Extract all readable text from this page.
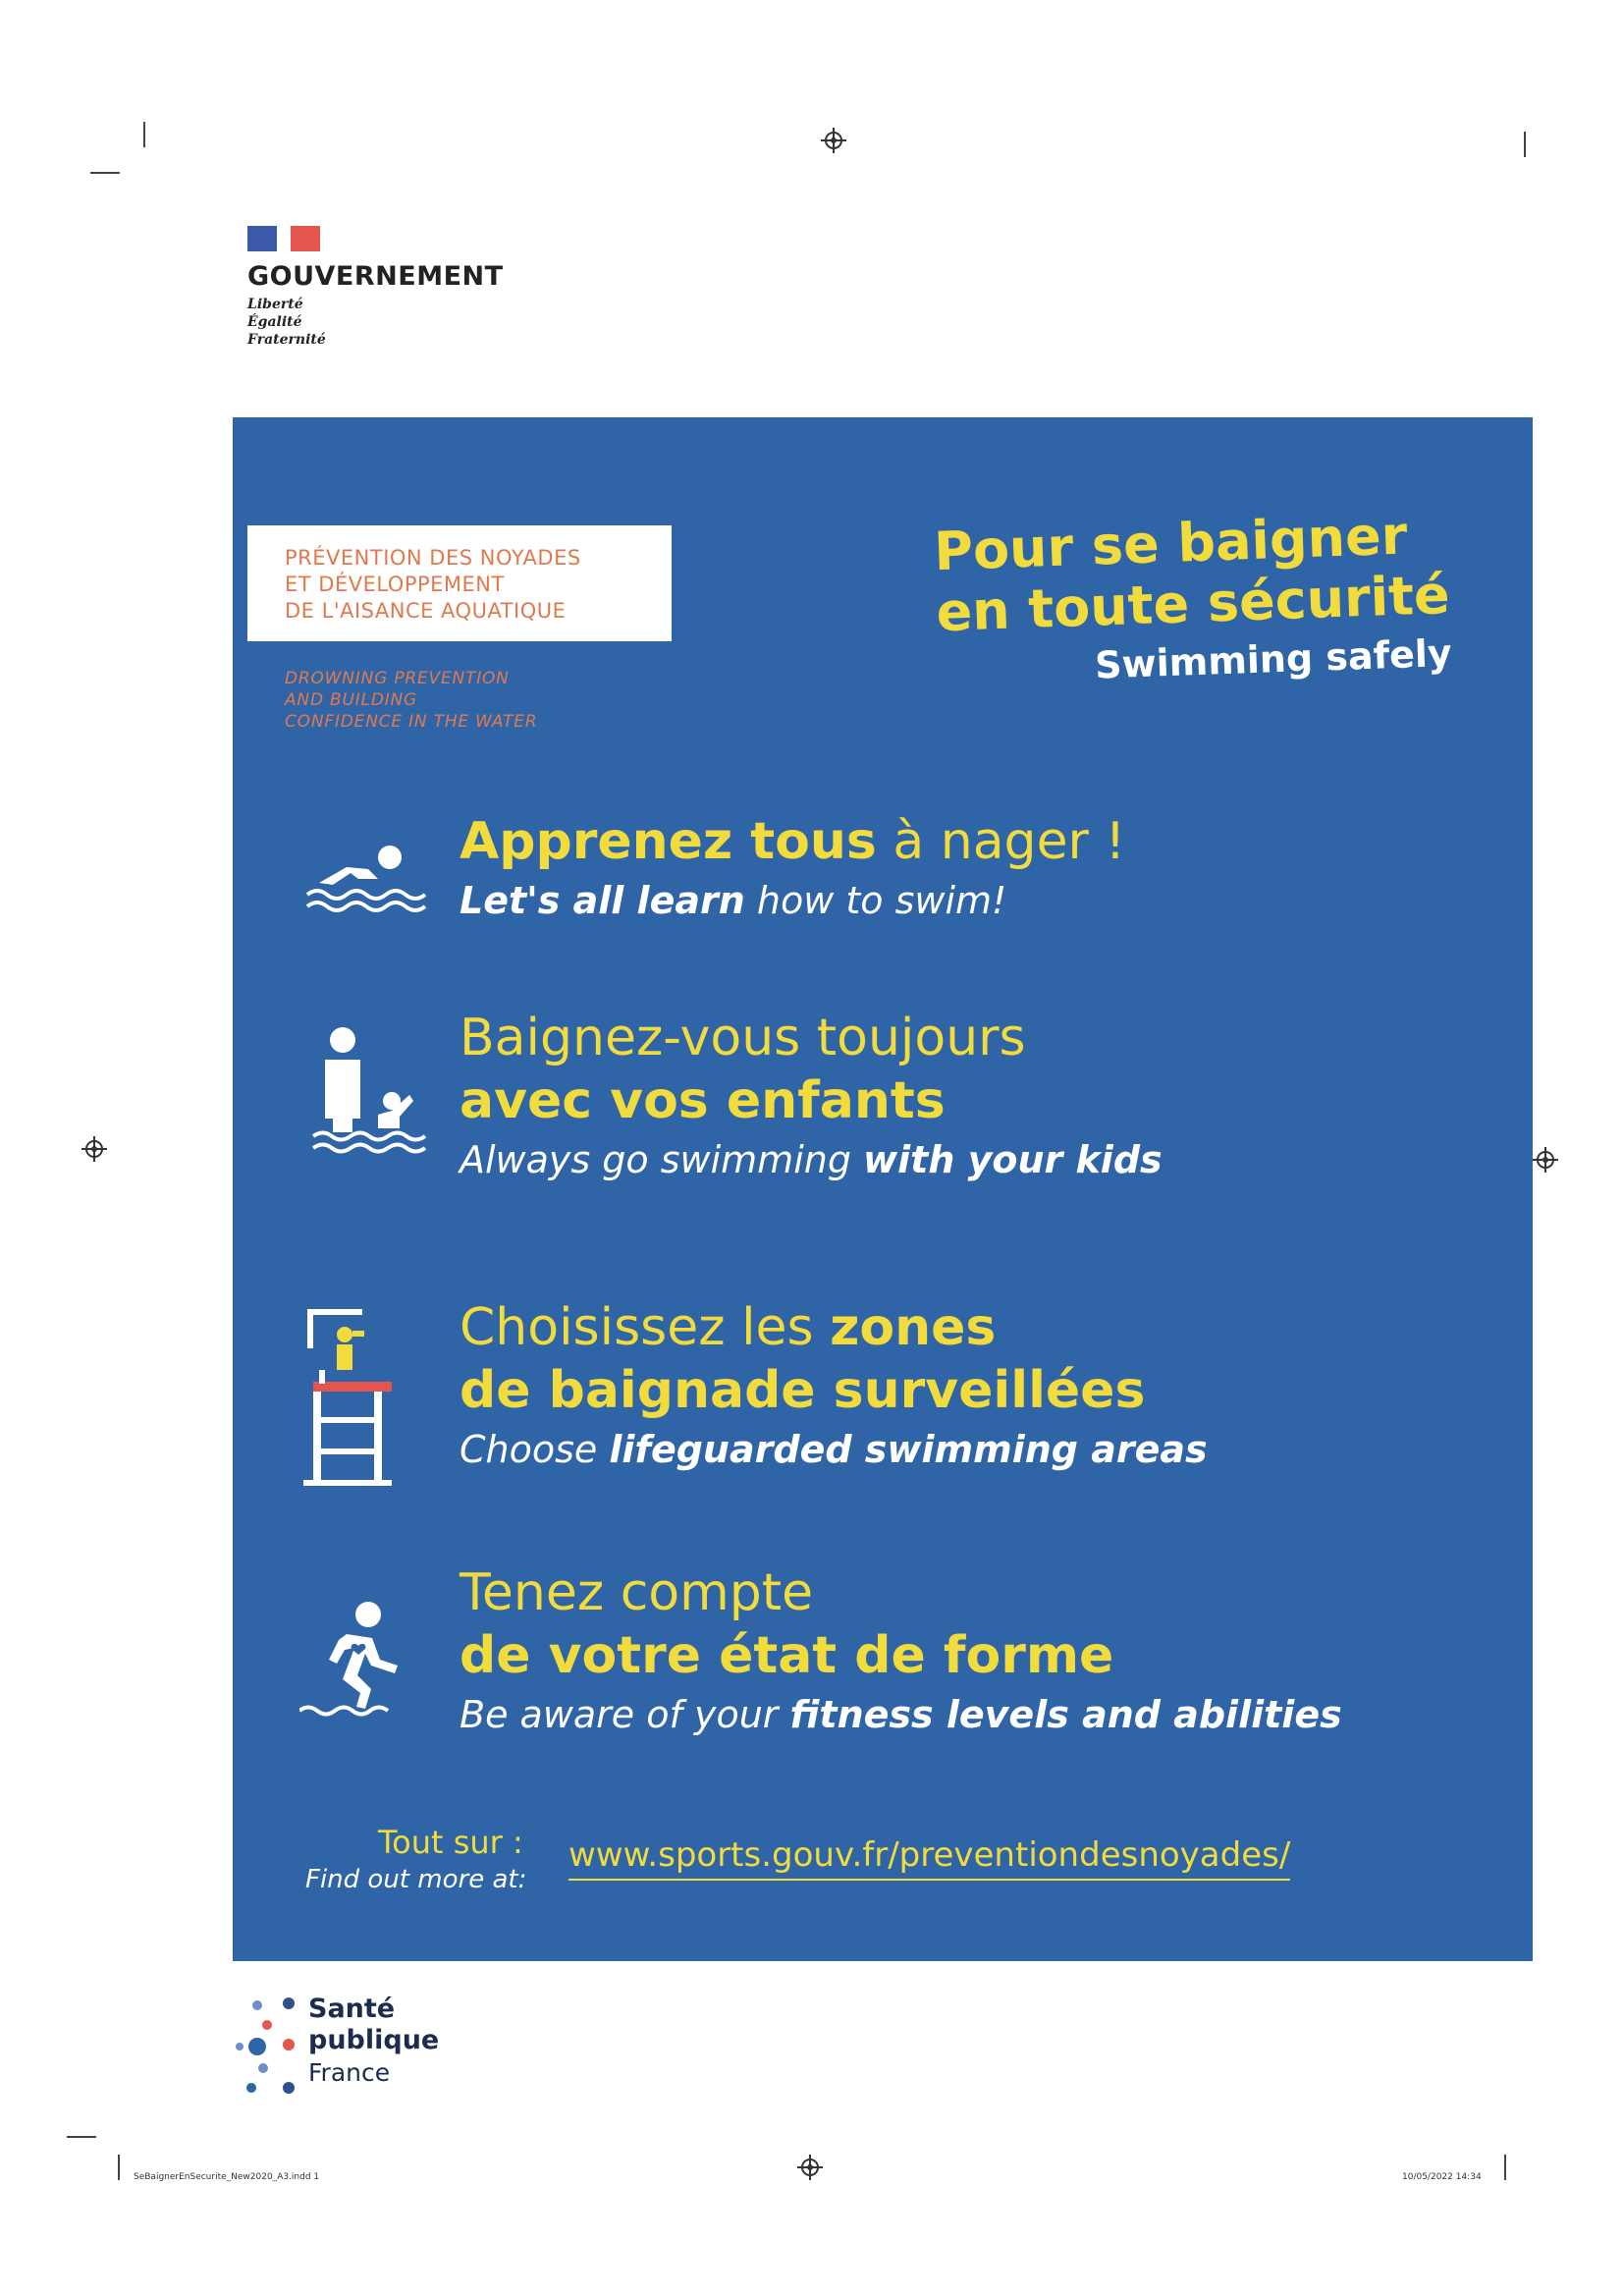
GOUVERNEMENT
Liberté
Égalité
Fraternité
PRÉVENTION DES NOYADES
ET DÉVELOPPEMENT
DE L'AISANCE AQUATIQUE
DROWNING PREVENTION
AND BUILDING
CONFIDENCE IN THE WATER
Pour se baigner
en toute sécurité
Swimming safely
Apprenez tous à nager !
Let's all learn how to swim!
Baignez-vous toujours
avec vos enfants
Always go swimming with your kids
Choisissez les zones
de baignade surveillées
Choose lifeguarded swimming areas
Tenez compte
de votre état de forme
Be aware of your fitness levels and abilities
Tout sur :
Find out more at:
www.sports.gouv.fr/preventiondesnoyades/
Santé
publique
France
SeBaignerEnSecurite_New2020_A3.indd 1	10/05/2022 14:34
